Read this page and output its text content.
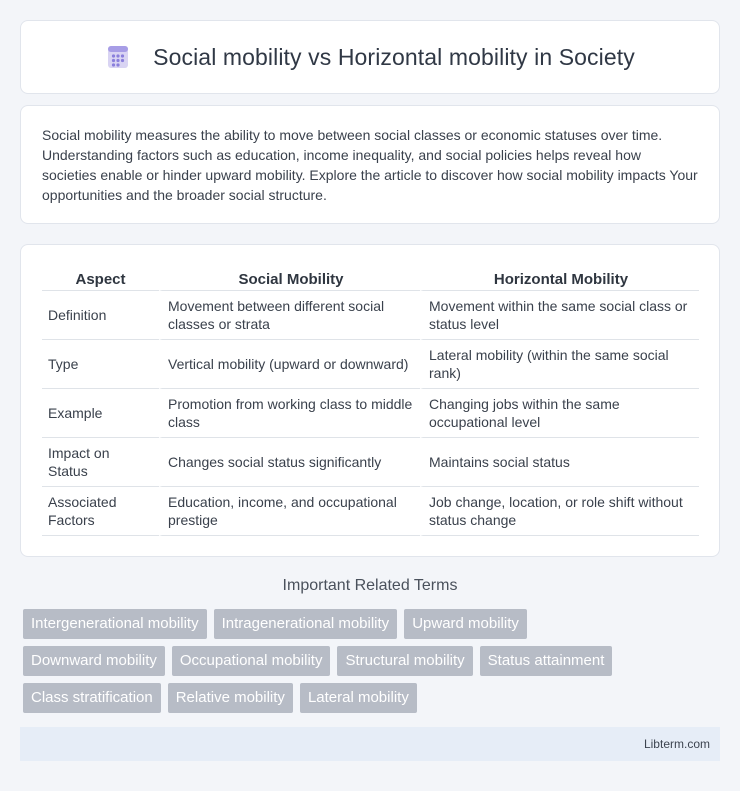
Social mobility vs Horizontal mobility in Society

Social mobility measures the ability to move between social classes or economic statuses over time. Understanding factors such as education, income inequality, and social policies helps reveal how societies enable or hinder upward mobility. Explore the article to discover how social mobility impacts Your opportunities and the broader social structure.

Aspect	Social Mobility	Horizontal Mobility
Definition	Movement between different social classes or strata	Movement within the same social class or status level
Type	Vertical mobility (upward or downward)	Lateral mobility (within the same social rank)
Example	Promotion from working class to middle class	Changing jobs within the same occupational level
Impact on Status	Changes social status significantly	Maintains social status
Associated Factors	Education, income, and occupational prestige	Job change, location, or role shift without status change
Important Related Terms
Intergenerational mobility	Intragenerational mobility	Upward mobility
Downward mobility	Occupational mobility	Structural mobility	Status attainment
Class stratification	Relative mobility	Lateral mobility
Libterm.com
